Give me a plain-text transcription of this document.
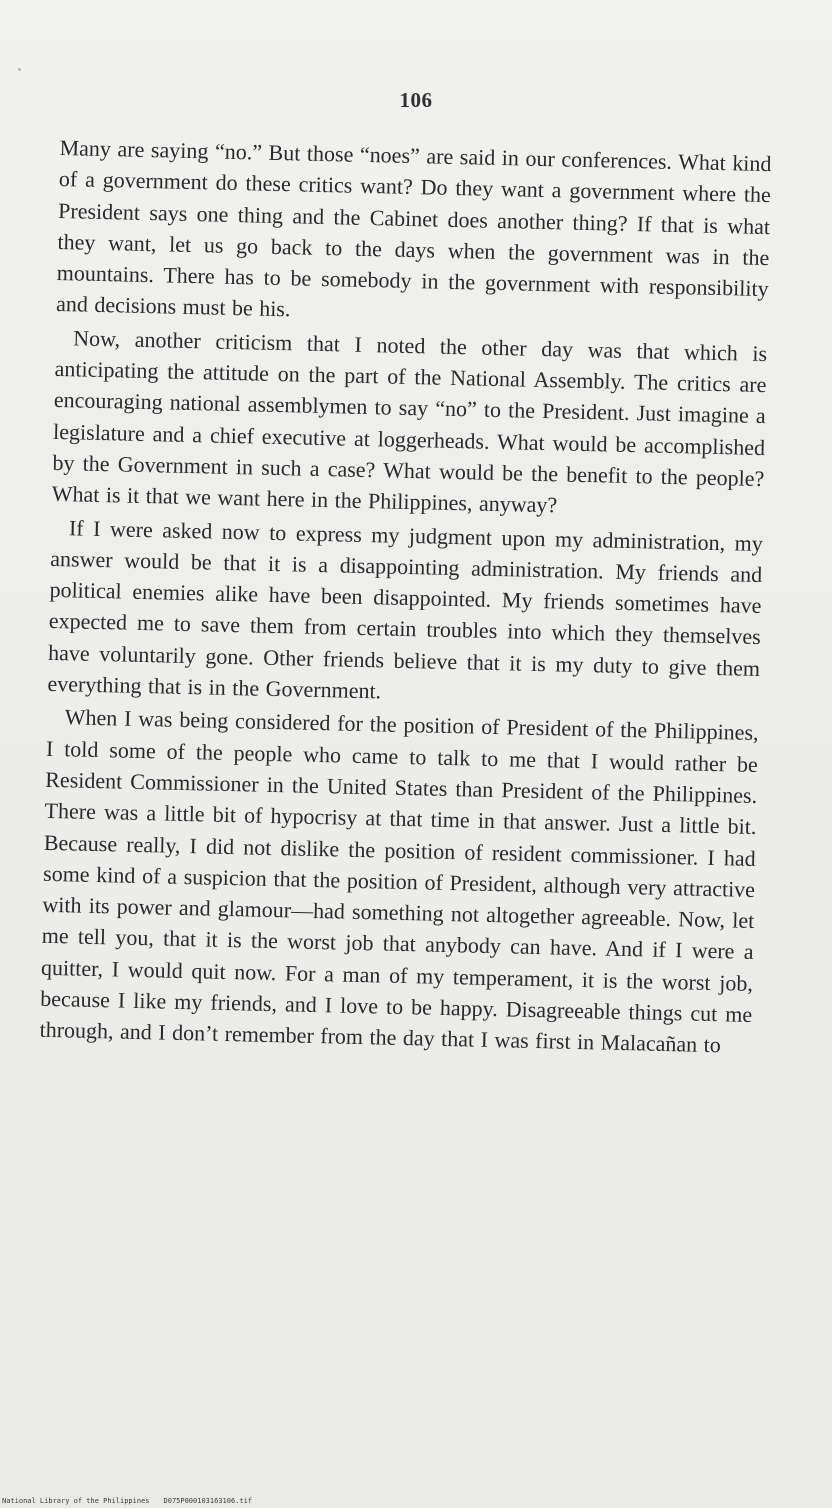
106

Many are saying “no.” But those “noes” are said in our conferences. What kind of a government do these critics want? Do they want a government where the President says one thing and the Cabinet does another thing? If that is what they want, let us go back to the days when the government was in the mountains. There has to be somebody in the government with responsibility and decisions must be his.

Now, another criticism that I noted the other day was that which is anticipating the attitude on the part of the National Assembly. The critics are encouraging national assemblymen to say “no” to the President. Just imagine a legislature and a chief executive at loggerheads. What would be accomplished by the Government in such a case? What would be the benefit to the people? What is it that we want here in the Philippines, anyway?

If I were asked now to express my judgment upon my administration, my answer would be that it is a disappointing administration. My friends and political enemies alike have been disappointed. My friends sometimes have expected me to save them from certain troubles into which they themselves have voluntarily gone. Other friends believe that it is my duty to give them everything that is in the Government.

When I was being considered for the position of President of the Philippines, I told some of the people who came to talk to me that I would rather be Resident Commissioner in the United States than President of the Philippines. There was a little bit of hypocrisy at that time in that answer. Just a little bit. Because really, I did not dislike the position of resident commissioner. I had some kind of a suspicion that the position of President, although very attractive with its power and glamour—had something not altogether agreeable. Now, let me tell you, that it is the worst job that anybody can have. And if I were a quitter, I would quit now. For a man of my temperament, it is the worst job, because I like my friends, and I love to be happy. Disagreeable things cut me through, and I don’t remember from the day that I was first in Malacañan to

National Library of the Philippines D075P000103163106.tif
